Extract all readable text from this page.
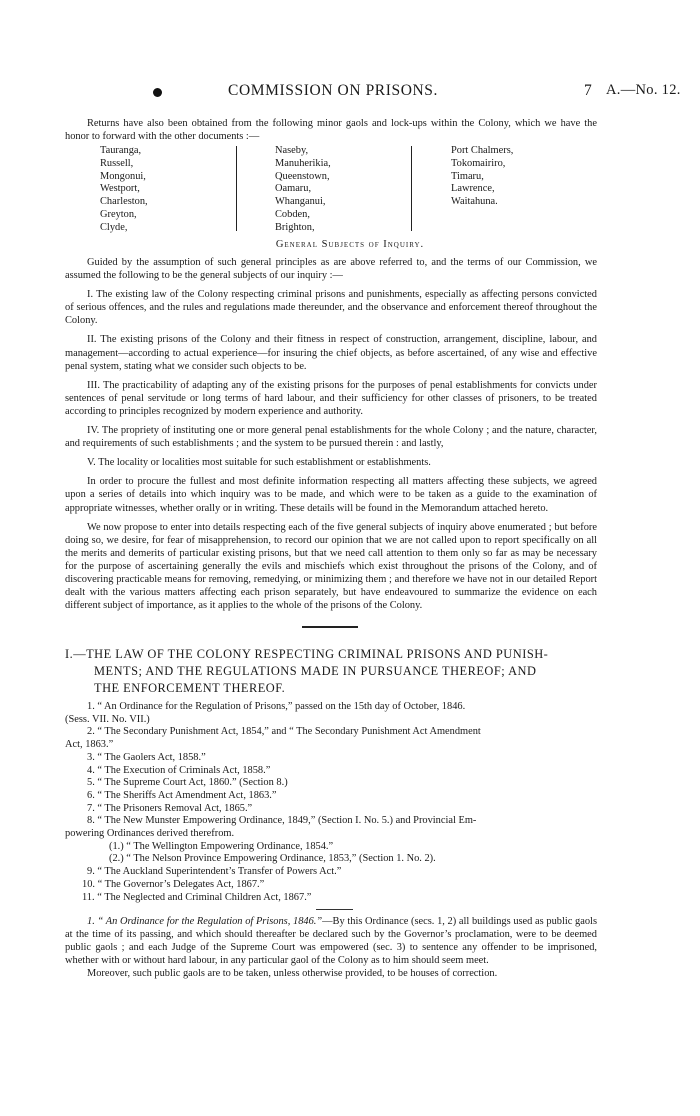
COMMISSION ON PRISONS.	7 A.—No. 12.

Returns have also been obtained from the following minor gaols and lock-ups within the Colony, which we have the honor to forward with the other documents :—

Tauranga,
Russell,
Mongonui,
Westport,
Charleston,
Greyton,
Clyde,
Naseby,
Manuherikia,
Queenstown,
Oamaru,
Whanganui,
Cobden,
Brighton,
Port Chalmers,
Tokomairiro,
Timaru,
Lawrence,
Waitahuna.
General Subjects of Inquiry.

Guided by the assumption of such general principles as are above referred to, and the terms of our Commission, we assumed the following to be the general subjects of our inquiry :—

I. The existing law of the Colony respecting criminal prisons and punishments, especially as affecting persons convicted of serious offences, and the rules and regulations made thereunder, and the observance and enforcement thereof throughout the Colony.

II. The existing prisons of the Colony and their fitness in respect of construction, arrangement, discipline, labour, and management—according to actual experience—for insuring the chief objects, as before ascertained, of any wise and effective penal system, stating what we consider such objects to be.

III. The practicability of adapting any of the existing prisons for the purposes of penal establishments for convicts under sentences of penal servitude or long terms of hard labour, and their sufficiency for other classes of prisoners, to be treated according to principles recognized by modern experience and authority.

IV. The propriety of instituting one or more general penal establishments for the whole Colony ; and the nature, character, and requirements of such establishments ; and the system to be pursued therein : and lastly,

V. The locality or localities most suitable for such establishment or establishments.

In order to procure the fullest and most definite information respecting all matters affecting these subjects, we agreed upon a series of details into which inquiry was to be made, and which were to be taken as a guide to the examination of appropriate witnesses, whether orally or in writing. These details will be found in the Memorandum attached hereto.

We now propose to enter into details respecting each of the five general subjects of inquiry above enumerated ; but before doing so, we desire, for fear of misapprehension, to record our opinion that we are not called upon to report specifically on all the merits and demerits of particular existing prisons, but that we need call attention to them only so far as may be necessary for the purpose of ascertaining generally the evils and mischiefs which exist throughout the prisons of the Colony, and of discovering practicable means for removing, remedying, or minimizing them ; and therefore we have not in our detailed Report dealt with the various matters affecting each prison separately, but have endeavoured to summarize the evidence on each different subject of importance, as it applies to the whole of the prisons of the Colony.

I.—THE LAW OF THE COLONY RESPECTING CRIMINAL PRISONS AND PUNISH-
MENTS; AND THE REGULATIONS MADE IN PURSUANCE THEREOF; AND
THE ENFORCEMENT THEREOF.
1. “ An Ordinance for the Regulation of Prisons,” passed on the 15th day of October, 1846.
(Sess. VII. No. VII.)
2. “ The Secondary Punishment Act, 1854,” and “ The Secondary Punishment Act Amendment
Act, 1863.”
3. “ The Gaolers Act, 1858.”
4. “ The Execution of Criminals Act, 1858.”
5. “ The Supreme Court Act, 1860.” (Section 8.)
6. “ The Sheriffs Act Amendment Act, 1863.”
7. “ The Prisoners Removal Act, 1865.”
8. “ The New Munster Empowering Ordinance, 1849,” (Section I. No. 5.) and Provincial Em-
powering Ordinances derived therefrom.
(1.) “ The Wellington Empowering Ordinance, 1854.”
(2.) “ The Nelson Province Empowering Ordinance, 1853,” (Section 1. No. 2).
9. “ The Auckland Superintendent’s Transfer of Powers Act.”
10. “ The Governor’s Delegates Act, 1867.”
11. “ The Neglected and Criminal Children Act, 1867.”

1. “ An Ordinance for the Regulation of Prisons, 1846.”—By this Ordinance (secs. 1, 2) all buildings used as public gaols at the time of its passing, and which should thereafter be declared such by the Governor’s proclamation, were to be deemed public gaols ; and each Judge of the Supreme Court was empowered (sec. 3) to sentence any offender to be imprisoned, whether with or without hard labour, in any particular gaol of the Colony as to him should seem meet.

Moreover, such public gaols are to be taken, unless otherwise provided, to be houses of correction.
